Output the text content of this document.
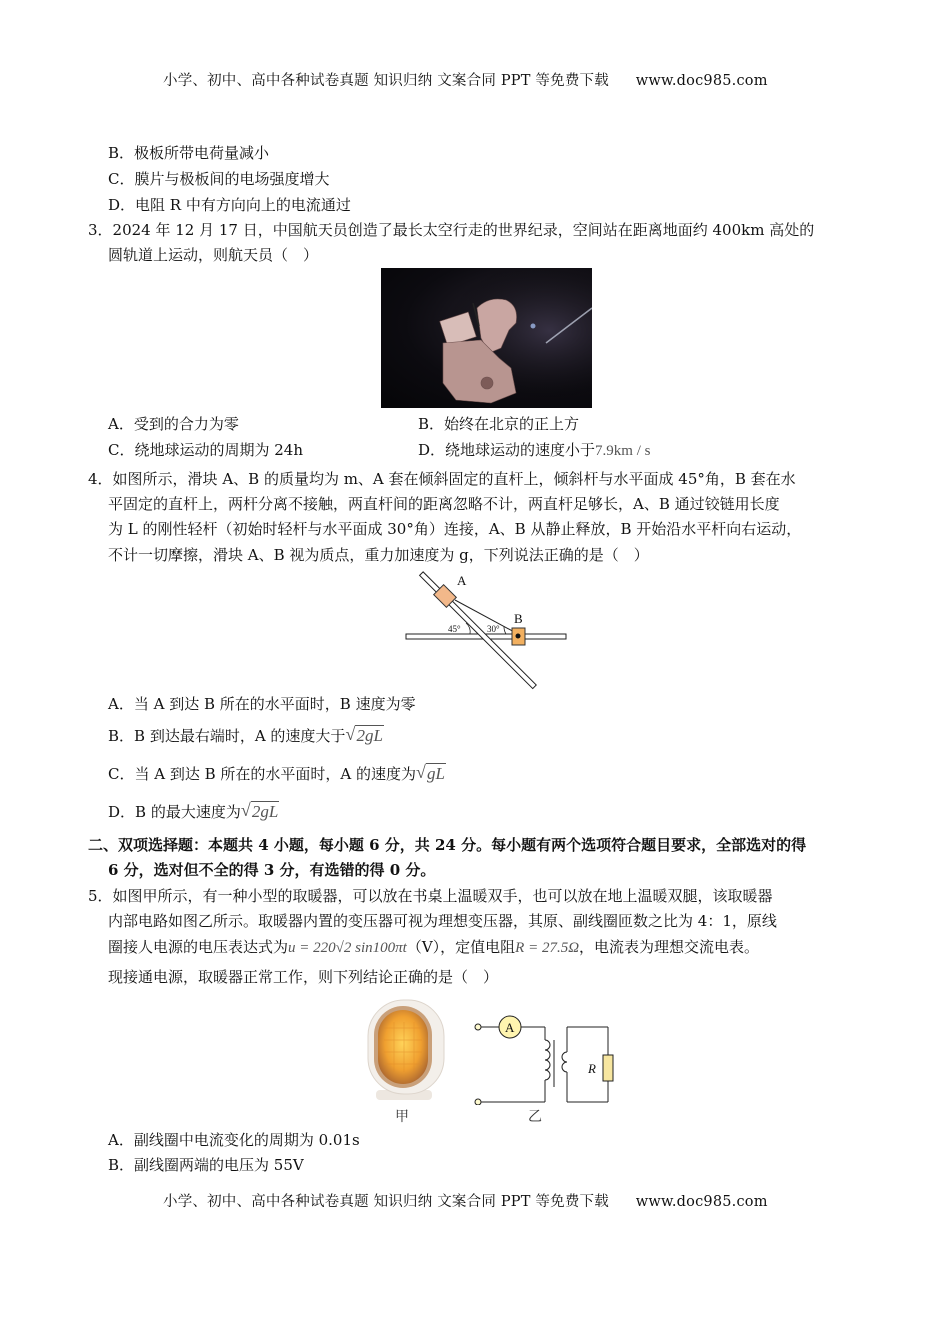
小学、初中、高中各种试卷真题 知识归纳 文案合同 PPT 等免费下载 www.doc985.com
B．极板所带电荷量减小
C．膜片与极板间的电场强度增大
D．电阻 R 中有方向向上的电流通过
3．2024 年 12 月 17 日，中国航天员创造了最长太空行走的世界纪录，空间站在距离地面约 400km 高处的
圆轨道上运动，则航天员（　）
A．受到的合力为零	B．始终在北京的正上方
C．绕地球运动的周期为 24h	D．绕地球运动的速度小于7.9km / s
4．如图所示，滑块 A、B 的质量均为 m、A 套在倾斜固定的直杆上，倾斜杆与水平面成 45°角，B 套在水
平固定的直杆上，两杆分离不接触，两直杆间的距离忽略不计，两直杆足够长，A、B 通过铰链用长度
为 L 的刚性轻杆（初始时轻杆与水平面成 30°角）连接，A、B 从静止释放，B 开始沿水平杆向右运动，
不计一切摩擦，滑块 A、B 视为质点，重力加速度为 g，下列说法正确的是（　）
A
B
45°	30°
A．当 A 到达 B 所在的水平面时，B 速度为零
B．B 到达最右端时，A 的速度大于 √ 2gL
C．当 A 到达 B 所在的水平面时，A 的速度为 √ gL
D．B 的最大速度为 √ 2gL
二、双项选择题：本题共 4 小题，每小题 6 分，共 24 分。每小题有两个选项符合题目要求，全部选对的得
6 分，选对但不全的得 3 分，有选错的得 0 分。
5．如图甲所示，有一种小型的取暖器，可以放在书桌上温暖双手，也可以放在地上温暖双腿，该取暖器
内部电路如图乙所示。取暖器内置的变压器可视为理想变压器，其原、副线圈匝数之比为 4：1，原线
圈接人电源的电压表达式为u = 220√2 sin100πt（V），定值电阻R = 27.5Ω，电流表为理想交流电表。
现接通电源，取暖器正常工作，则下列结论正确的是（　）
甲
A
R
乙
A．副线圈中电流变化的周期为 0.01s
B．副线圈两端的电压为 55V
小学、初中、高中各种试卷真题 知识归纳 文案合同 PPT 等免费下载 www.doc985.com
